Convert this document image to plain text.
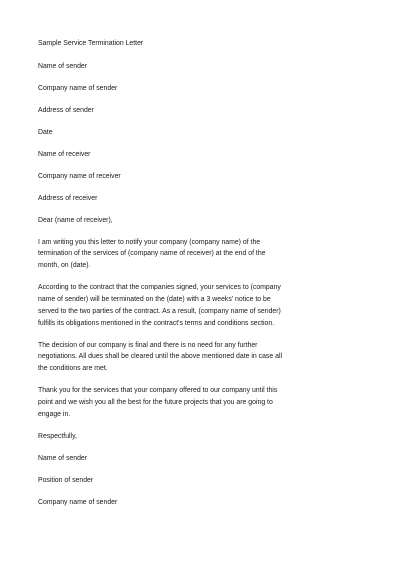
Sample Service Termination Letter
Name of sender
Company name of sender
Address of sender
Date
Name of receiver
Company name of receiver
Address of receiver
Dear (name of receiver),
I am writing you this letter to notify your company (company name) of the
termination of the services of (company name of receiver) at the end of the
month, on (date).
According to the contract that the companies signed, your services to (company
name of sender) will be terminated on the (date) with a 3 weeks' notice to be
served to the two parties of the contract. As a result, (company name of sender)
fulfills its obligations mentioned in the contract's terms and conditions section.
The decision of our company is final and there is no need for any further
negotiations. All dues shall be cleared until the above mentioned date in case all
the conditions are met.
Thank you for the services that your company offered to our company until this
point and we wish you all the best for the future projects that you are going to
engage in.
Respectfully,
Name of sender
Position of sender
Company name of sender
